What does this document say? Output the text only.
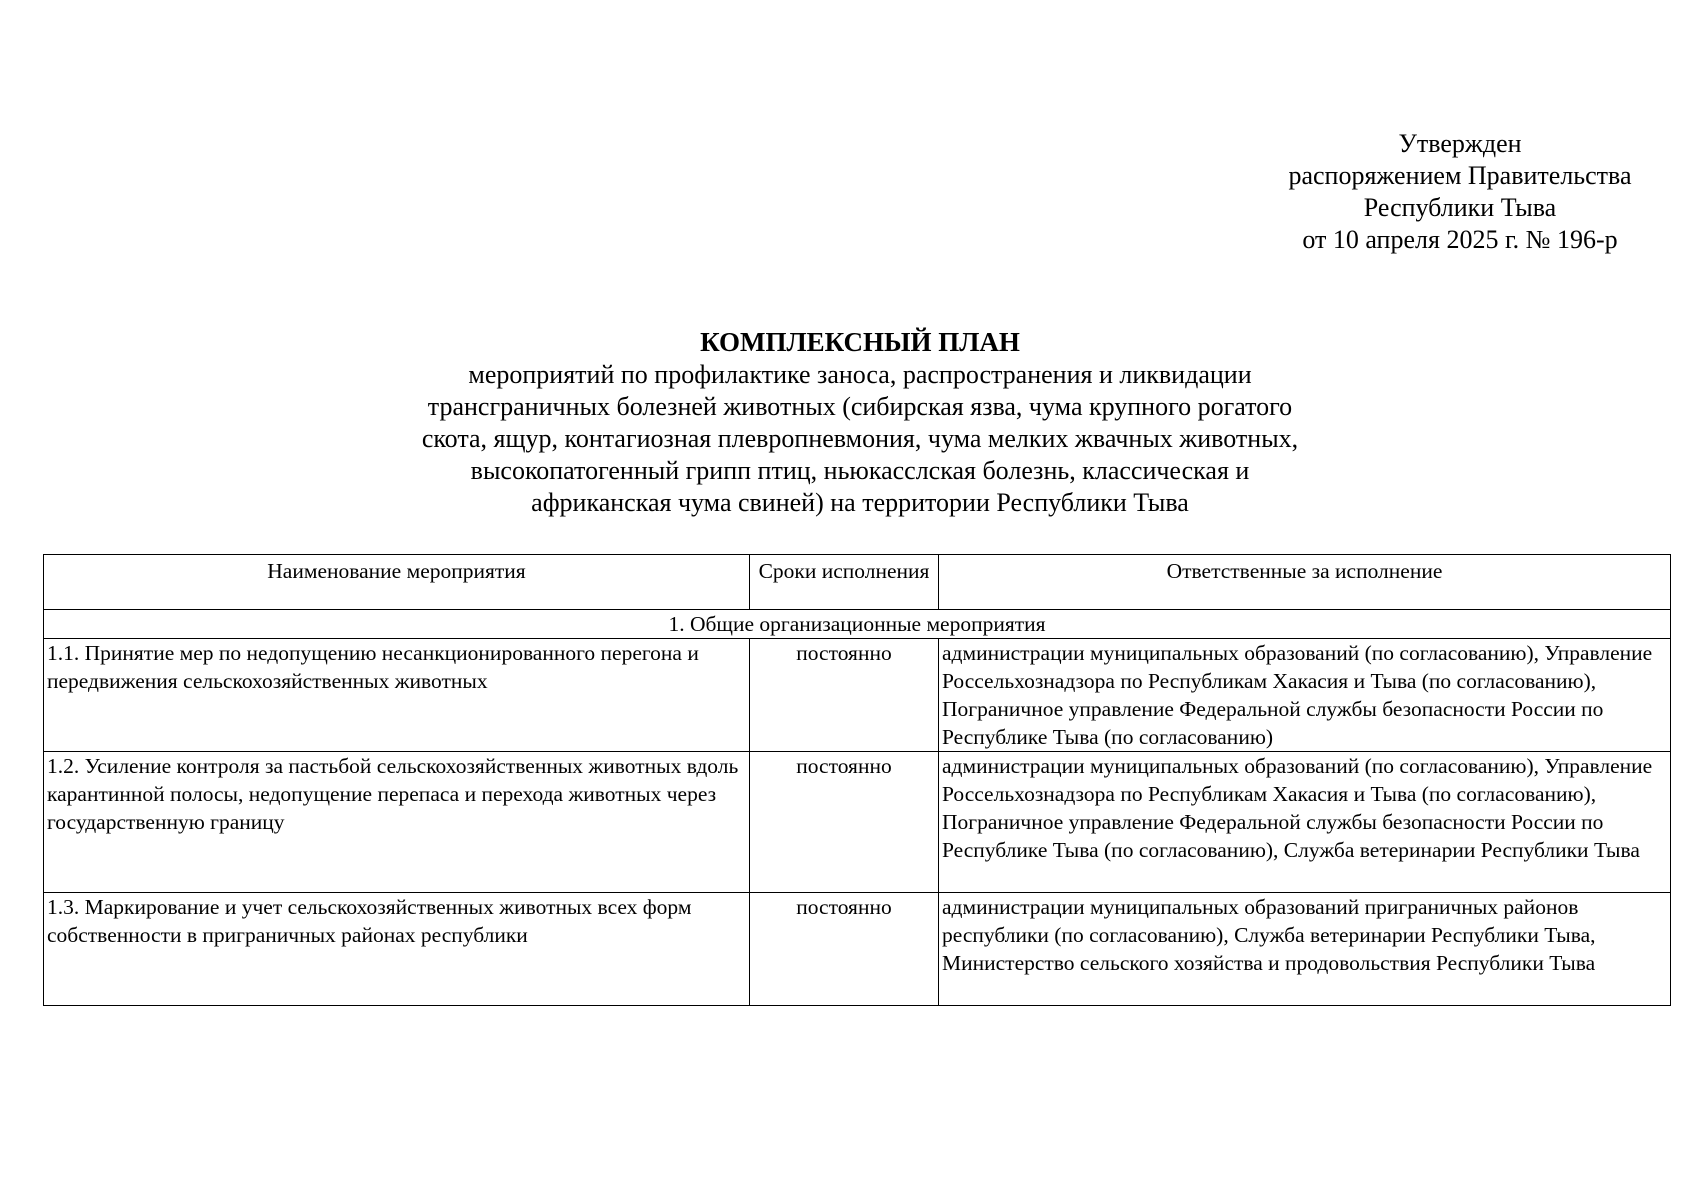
Утвержден
распоряжением Правительства
Республики Тыва
от 10 апреля 2025 г. № 196-р
КОМПЛЕКСНЫЙ ПЛАН
мероприятий по профилактике заноса, распространения и ликвидации
трансграничных болезней животных (сибирская язва, чума крупного рогатого
скота, ящур, контагиозная плевропневмония, чума мелких жвачных животных,
высокопатогенный грипп птиц, ньюкасслская болезнь, классическая и
африканская чума свиней) на территории Республики Тыва
Наименование мероприятия	Сроки исполнения	Ответственные за исполнение
1. Общие организационные мероприятия		
1.1. Принятие мер по недопущению несанкционированного перегона и передвижения сельскохозяйственных животных	постоянно	администрации муниципальных образований (по согласованию), Управление Россельхознадзора по Республикам Хакасия и Тыва (по согласованию), Пограничное управление Федеральной службы безопасности России по Республике Тыва (по согласованию)
1.2. Усиление контроля за пастьбой сельскохозяйственных животных вдоль карантинной полосы, недопущение перепаса и перехода животных через государственную границу	постоянно	администрации муниципальных образований (по согласованию), Управление Россельхознадзора по Республикам Хакасия и Тыва (по согласованию), Пограничное управление Федеральной службы безопасности России по Республике Тыва (по согласованию), Служба ветеринарии Республики Тыва
1.3. Маркирование и учет сельскохозяйственных животных всех форм собственности в приграничных районах республики	постоянно	администрации муниципальных образований приграничных районов республики (по согласованию), Служба ветеринарии Республики Тыва, Министерство сельского хозяйства и продовольствия Республики Тыва
